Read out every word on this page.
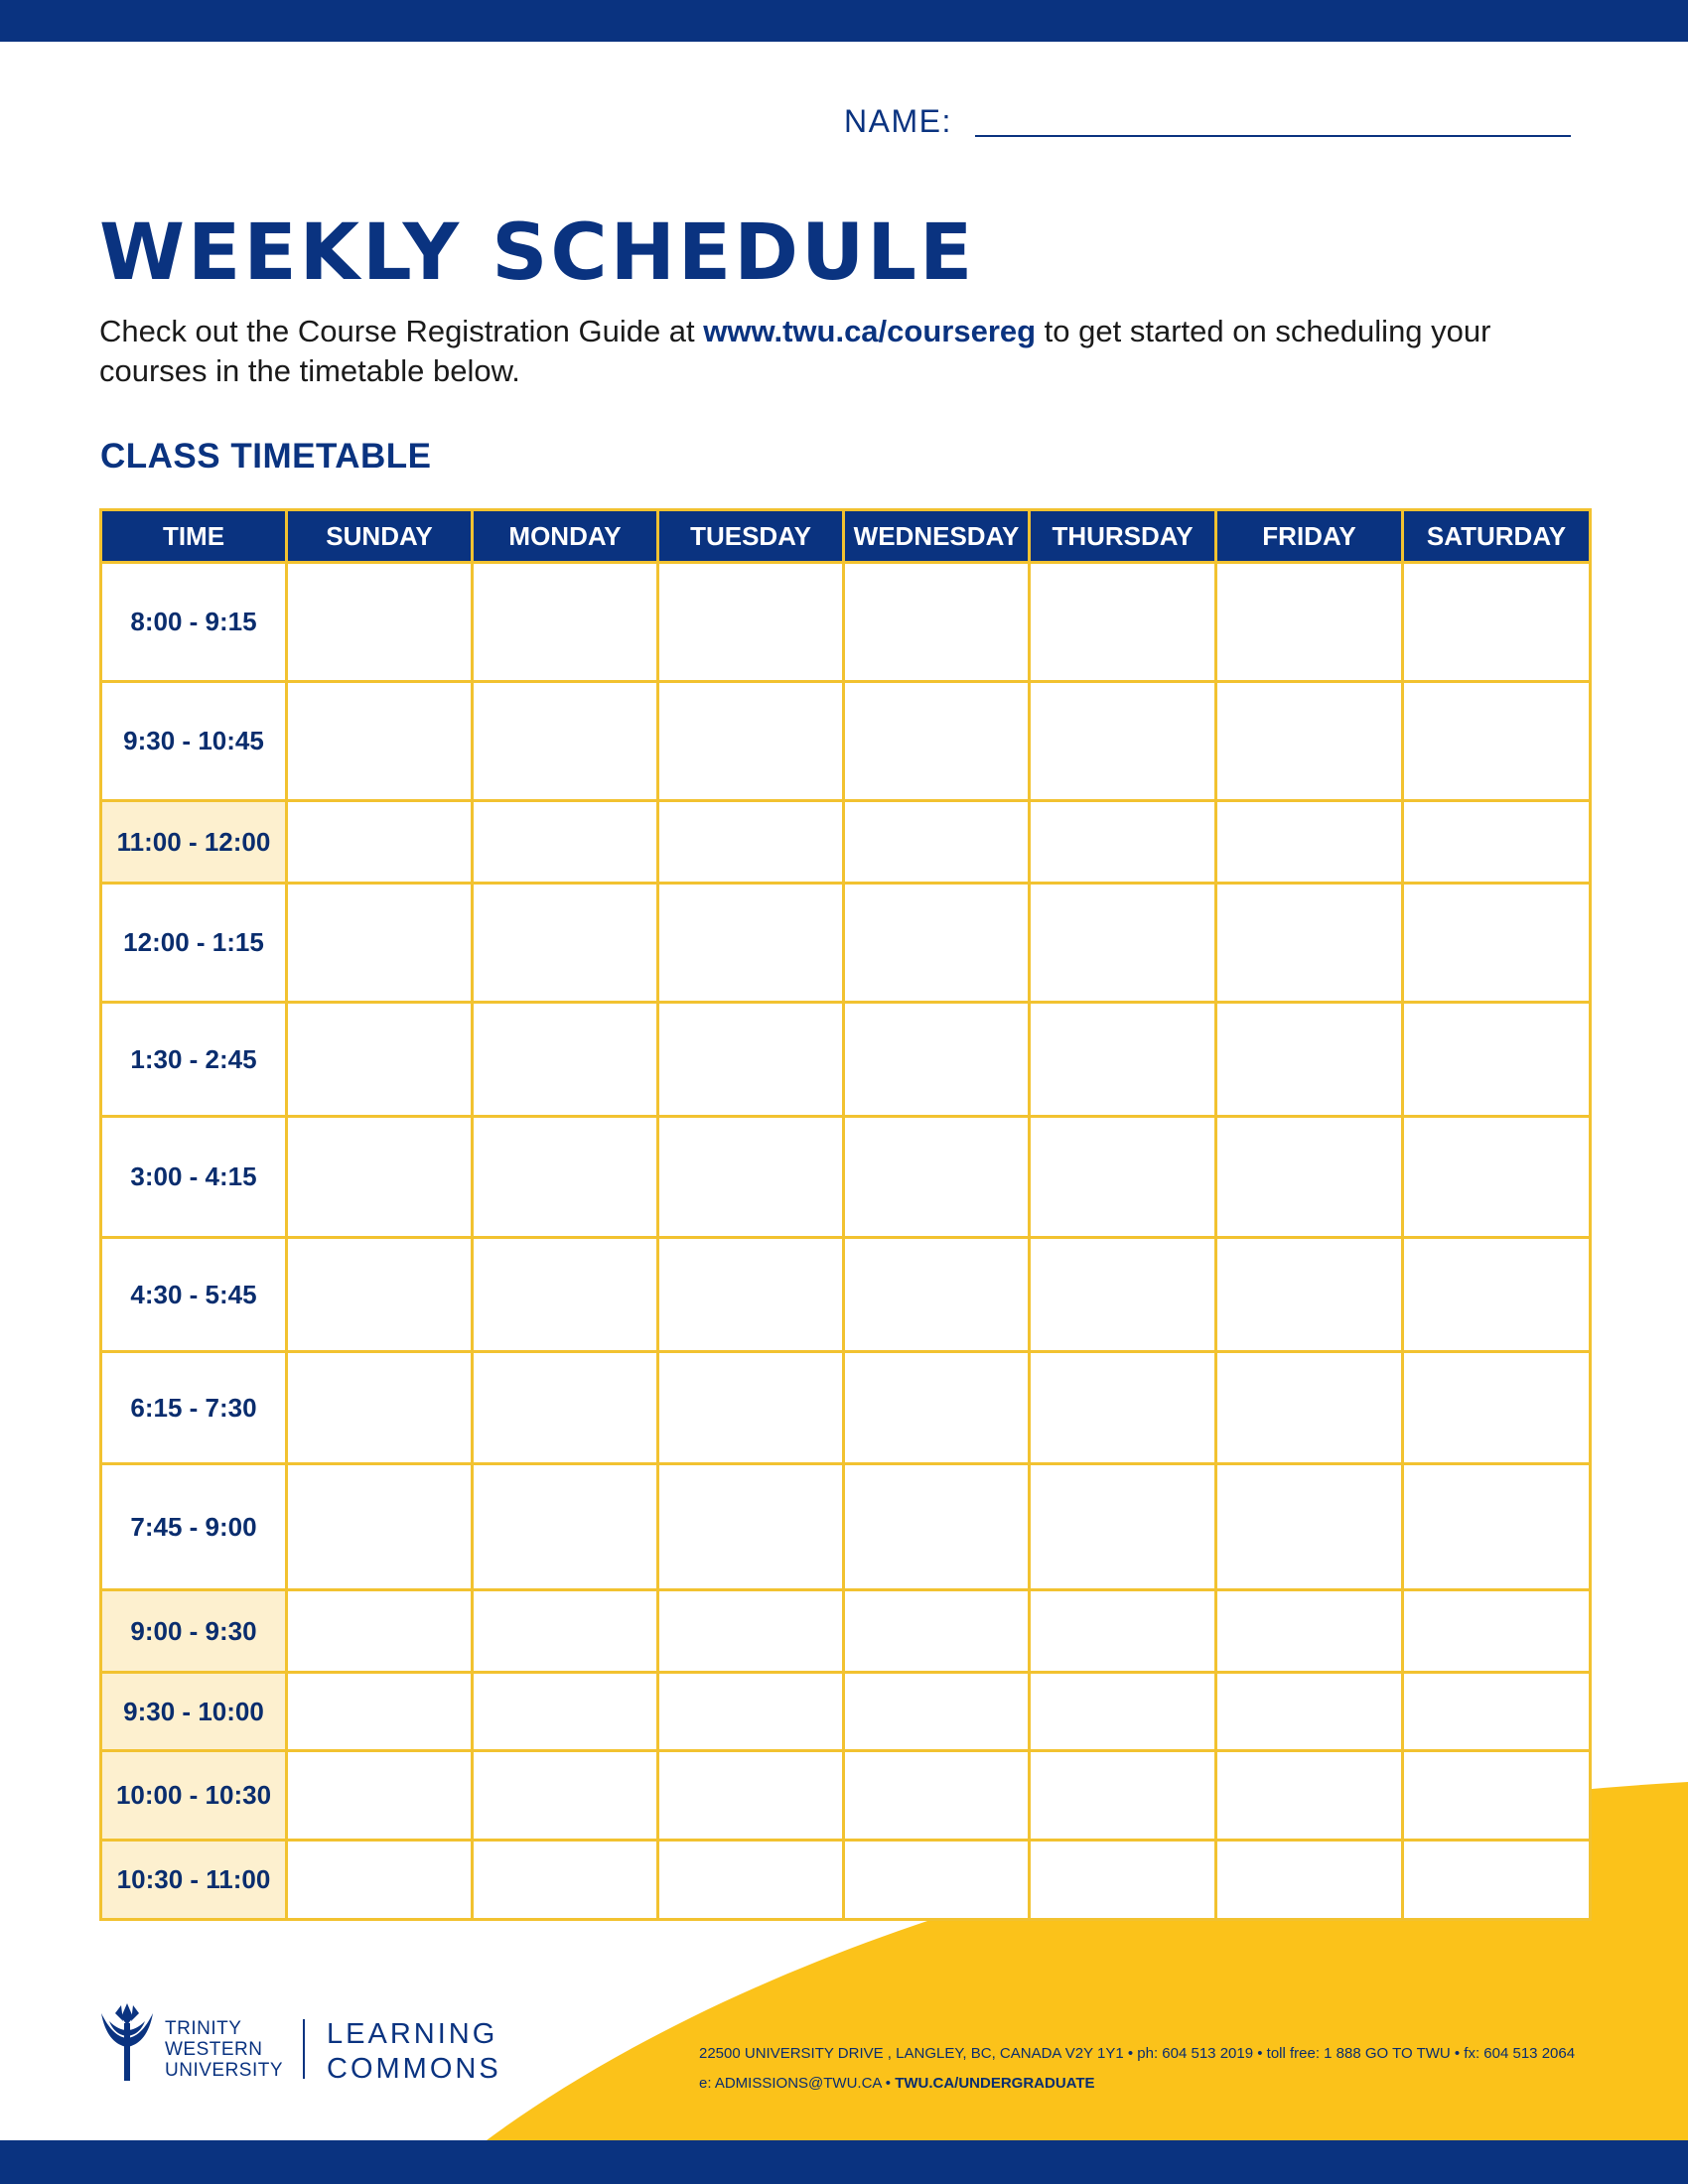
NAME:
WEEKLY SCHEDULE

Check out the Course Registration Guide at www.twu.ca/coursereg to get started on scheduling your courses in the timetable below.

CLASS TIMETABLE
TIME	SUNDAY	MONDAY	TUESDAY	WEDNESDAY	THURSDAY	FRIDAY	SATURDAY
8:00 - 9:15							
9:30 - 10:45							
11:00 - 12:00							
12:00 - 1:15							
1:30 - 2:45							
3:00 - 4:15							
4:30 - 5:45							
6:15 - 7:30							
7:45 - 9:00							
9:00 - 9:30							
9:30 - 10:00							
10:00 - 10:30							
10:30 - 11:00							
TRINITY
WESTERN
UNIVERSITY
LEARNING
COMMONS	22500 UNIVERSITY DRIVE , LANGLEY, BC, CANADA V2Y 1Y1 • ph: 604 513 2019 • toll free: 1 888 GO TO TWU • fx: 604 513 2064
e: ADMISSIONS@TWU.CA • TWU.CA/UNDERGRADUATE
